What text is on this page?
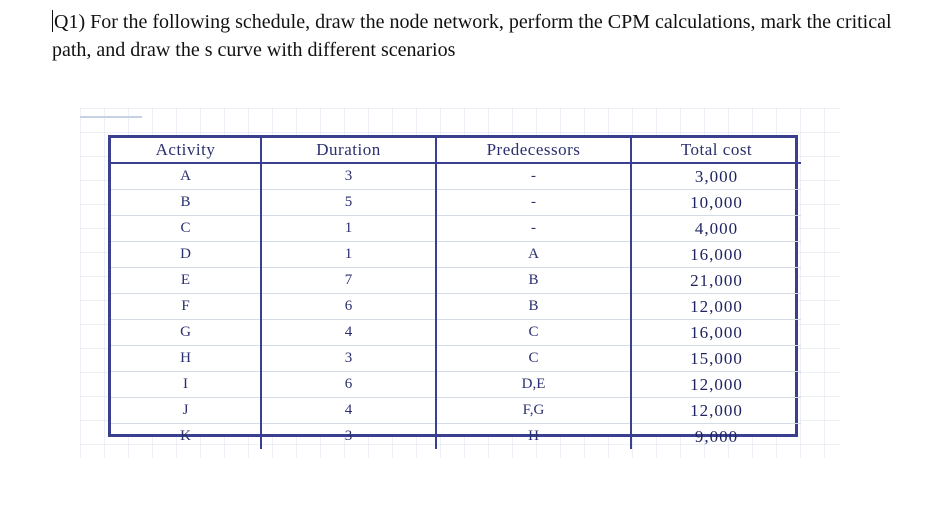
Q1) For the following schedule, draw the node network, perform the CPM calculations, mark the critical path, and draw the s curve with different scenarios
Activity	Duration	Predecessors	Total cost
A	3	-	3,000
B	5	-	10,000
C	1	-	4,000
D	1	A	16,000
E	7	B	21,000
F	6	B	12,000
G	4	C	16,000
H	3	C	15,000
I	6	D,E	12,000
J	4	F,G	12,000
K	3	H	9,000
